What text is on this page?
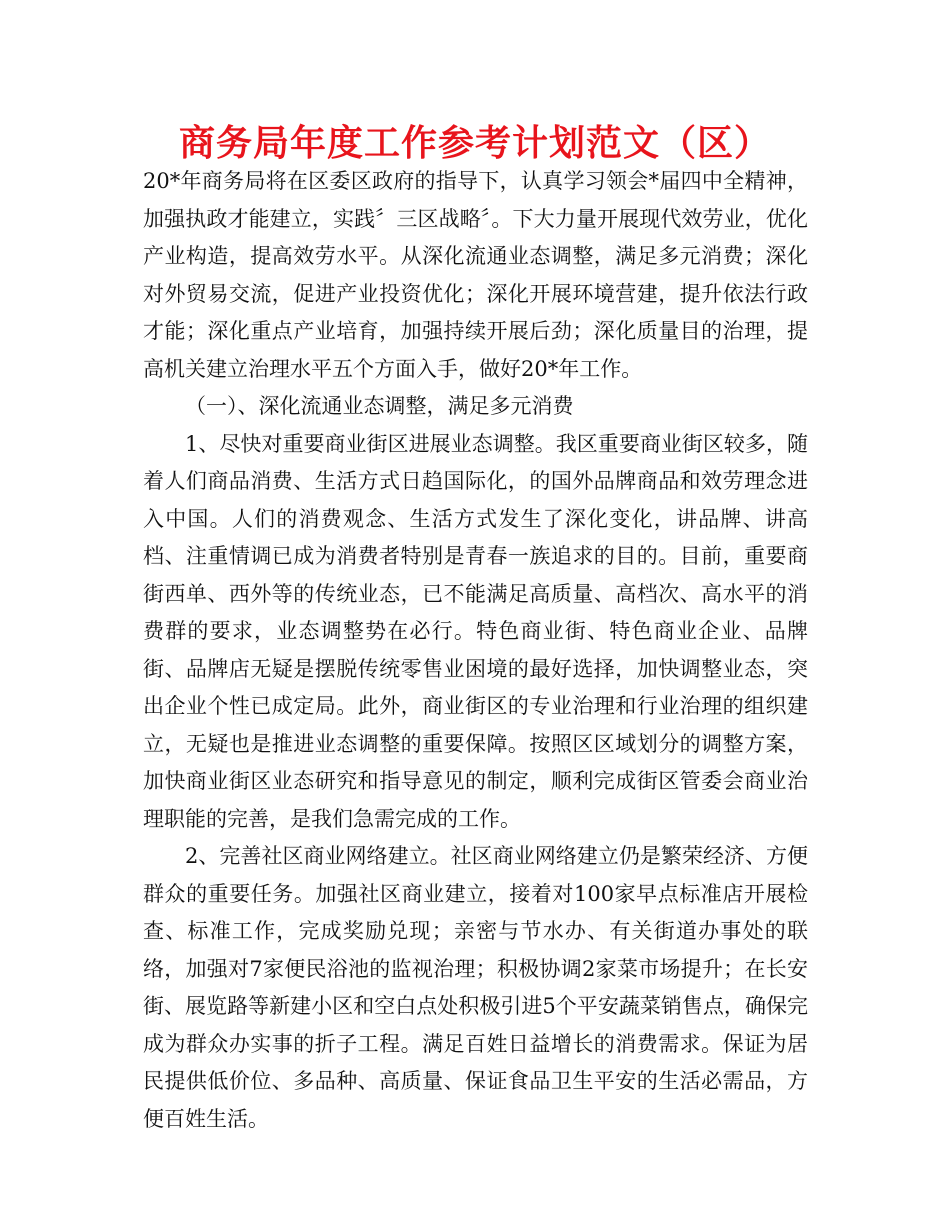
商务局年度工作参考计划范文（区）

20*年商务局将在区委区政府的指导下，认真学习领会*届四中全精神，加强执政才能建立，实践〞三区战略〞。下大力量开展现代效劳业，优化产业构造，提高效劳水平。从深化流通业态调整，满足多元消费；深化对外贸易交流，促进产业投资优化；深化开展环境营建，提升依法行政才能；深化重点产业培育，加强持续开展后劲；深化质量目的治理，提高机关建立治理水平五个方面入手，做好20*年工作。

（一）、深化流通业态调整，满足多元消费

1、尽快对重要商业街区进展业态调整。我区重要商业街区较多，随着人们商品消费、生活方式日趋国际化，的国外品牌商品和效劳理念进入中国。人们的消费观念、生活方式发生了深化变化，讲品牌、讲高档、注重情调已成为消费者特别是青春一族追求的目的。目前，重要商街西单、西外等的传统业态，已不能满足高质量、高档次、高水平的消费群的要求，业态调整势在必行。特色商业街、特色商业企业、品牌街、品牌店无疑是摆脱传统零售业困境的最好选择，加快调整业态，突出企业个性已成定局。此外，商业街区的专业治理和行业治理的组织建立，无疑也是推进业态调整的重要保障。按照区区域划分的调整方案，加快商业街区业态研究和指导意见的制定，顺利完成街区管委会商业治理职能的完善，是我们急需完成的工作。

2、完善社区商业网络建立。社区商业网络建立仍是繁荣经济、方便群众的重要任务。加强社区商业建立，接着对100家早点标准店开展检查、标准工作，完成奖励兑现；亲密与节水办、有关街道办事处的联络，加强对7家便民浴池的监视治理；积极协调2家菜市场提升；在长安街、展览路等新建小区和空白点处积极引进5个平安蔬菜销售点，确保完成为群众办实事的折子工程。满足百姓日益增长的消费需求。保证为居民提供低价位、多品种、高质量、保证食品卫生平安的生活必需品，方便百姓生活。
